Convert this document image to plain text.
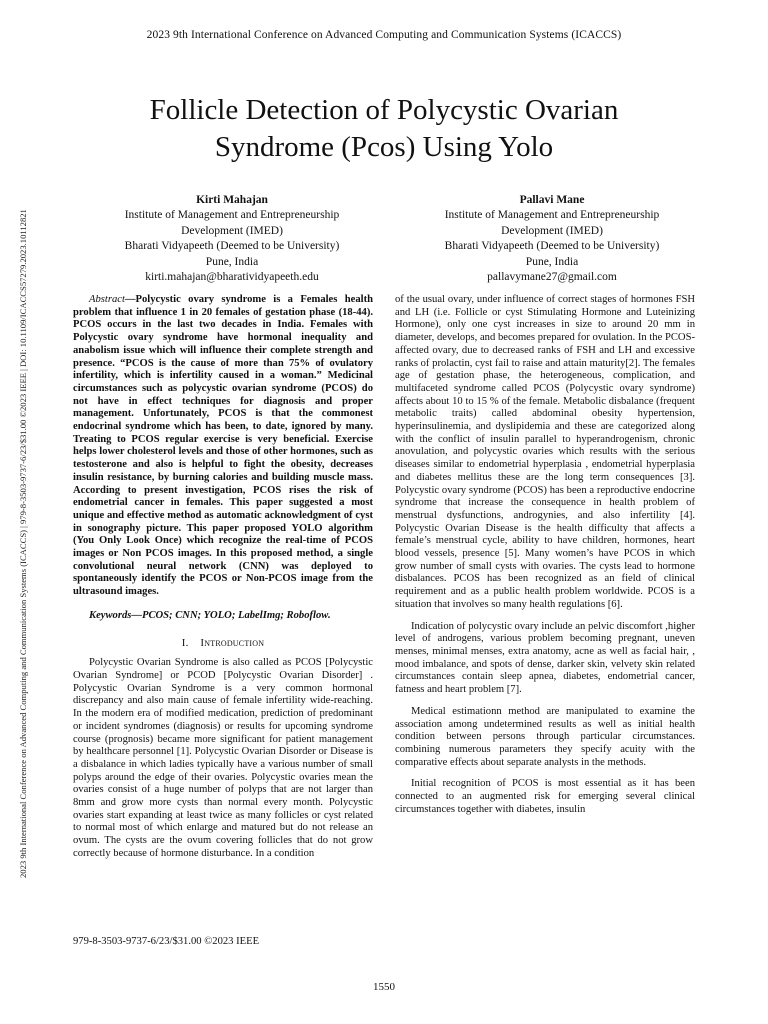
2023 9th International Conference on Advanced Computing and Communication Systems (ICACCS)
2023 9th International Conference on Advanced Computing and Communication Systems (ICACCS) | 979-8-3503-9737-6/23/$31.00 ©2023 IEEE | DOI: 10.1109/ICACCS57279.2023.10112821
Follicle Detection of Polycystic Ovarian
Syndrome (Pcos) Using Yolo
Kirti Mahajan
Institute of Management and Entrepreneurship
Development (IMED)
Bharati Vidyapeeth (Deemed to be University)
Pune, India
kirti.mahajan@bharatividyapeeth.edu
Pallavi Mane
Institute of Management and Entrepreneurship
Development (IMED)
Bharati Vidyapeeth (Deemed to be University)
Pune, India
pallavymane27@gmail.com

Abstract—Polycystic ovary syndrome is a Females health problem that influence 1 in 20 females of gestation phase (18-44). PCOS occurs in the last two decades in India. Females with Polycystic ovary syndrome have hormonal inequality and anabolism issue which will influence their complete strength and presence. “PCOS is the cause of more than 75% of ovulatory infertility, which is infertility caused in a woman.” Medicinal circumstances such as polycystic ovarian syndrome (PCOS) do not have in effect techniques for diagnosis and proper management. Unfortunately, PCOS is that the commonest endocrinal syndrome which has been, to date, ignored by many. Treating to PCOS regular exercise is very beneficial. Exercise helps lower cholesterol levels and those of other hormones, such as testosterone and also is helpful to fight the obesity, decreases insulin resistance, by burning calories and building muscle mass. According to present investigation, PCOS rises the risk of endometrial cancer in females. This paper suggested a most unique and effective method as automatic acknowledgment of cyst in sonography picture. This paper proposed YOLO algorithm (You Only Look Once) which recognize the real-time of PCOS images or Non PCOS images. In this proposed method, a single convolutional neural network (CNN) was deployed to spontaneously identify the PCOS or Non-PCOS image from the ultrasound images.

Keywords—PCOS; CNN; YOLO; LabelImg; Roboflow.

I. Introduction

Polycystic Ovarian Syndrome is also called as PCOS [Polycystic Ovarian Syndrome] or PCOD [Polycystic Ovarian Disorder] . Polycystic Ovarian Syndrome is a very common hormonal discrepancy and also main cause of female infertility wide-reaching. In the modern era of modified medication, prediction of predominant or incident syndromes (diagnosis) or results for upcoming syndrome course (prognosis) became more significant for patient management by healthcare personnel [1]. Polycystic Ovarian Disorder or Disease is a disbalance in which ladies typically have a various number of small polyps around the edge of their ovaries. Polycystic ovaries mean the ovaries consist of a huge number of polyps that are not larger than 8mm and grow more cysts than normal every month. Polycystic ovaries start expanding at least twice as many follicles or cyst related to normal most of which enlarge and matured but do not release an ovum. The cysts are the ovum covering follicles that do not grow correctly because of hormone disturbance. In a condition

of the usual ovary, under influence of correct stages of hormones FSH and LH (i.e. Follicle or cyst Stimulating Hormone and Luteinizing Hormone), only one cyst increases in size to around 20 mm in diameter, develops, and becomes prepared for ovulation. In the PCOS-affected ovary, due to decreased ranks of FSH and LH and excessive ranks of prolactin, cyst fail to raise and attain maturity[2]. The females age of gestation phase, the heterogeneous, complication, and multifaceted syndrome called PCOS (Polycystic ovary syndrome) affects about 10 to 15 % of the female. Metabolic disbalance (frequent metabolic traits) called abdominal obesity hypertension, hyperinsulinemia, and dyslipidemia and these are categorized along with the conflict of insulin parallel to hyperandrogenism, chronic anovulation, and polycystic ovaries which results with the serious diseases similar to endometrial hyperplasia , endometrial hyperplasia and diabetes mellitus these are the long term consequences [3]. Polycystic ovary syndrome (PCOS) has been a reproductive endocrine syndrome that increase the consequence in health problem of menstrual dysfunctions, androgynies, and also infertility [4]. Polycystic Ovarian Disease is the health difficulty that affects a female’s menstrual cycle, ability to have children, hormones, heart blood vessels, presence [5]. Many women’s have PCOS in which grow number of small cysts with ovaries. The cysts lead to hormone disbalances. PCOS has been recognized as an field of clinical requirement and as a public health problem worldwide. PCOS is a situation that involves so many health regulations [6].

Indication of polycystic ovary include an pelvic discomfort ,higher level of androgens, various problem becoming pregnant, uneven menses, minimal menses, extra anatomy, acne as well as facial hair, , mood imbalance, and spots of dense, darker skin, velvety skin related circumstances contain sleep apnea, diabetes, endometrial cancer, fatness and heart problem [7].

Medical estimationn method are manipulated to examine the association among undetermined results as well as initial health condition between persons through particular circumstances. combining numerous parameters they specify acuity with the comparative effects about separate analysts in the methods.

Initial recognition of PCOS is most essential as it has been connected to an augmented risk for emerging several clinical circumstances together with diabetes, insulin

979-8-3503-9737-6/23/$31.00 ©2023 IEEE
1550
